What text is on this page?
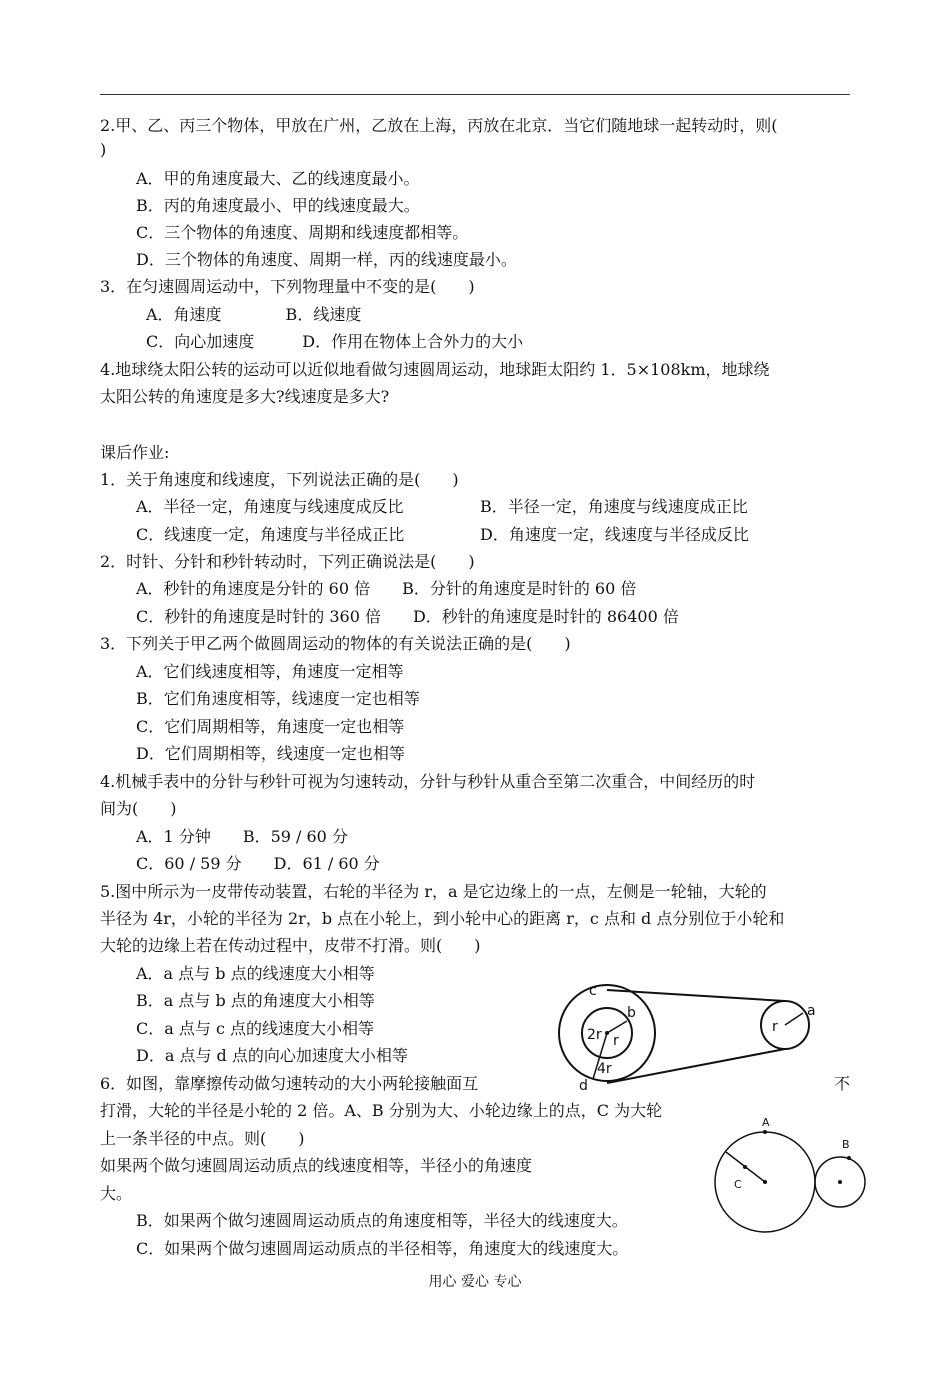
2.甲、乙、丙三个物体，甲放在广州，乙放在上海，丙放在北京．当它们随地球一起转动时，则(
)
A．甲的角速度最大、乙的线速度最小。
B．丙的角速度最小、甲的线速度最大。
C．三个物体的角速度、周期和线速度都相等。
D．三个物体的角速度、周期一样，丙的线速度最小。
3．在匀速圆周运动中，下列物理量中不变的是(　　)
A．角速度　　　　B．线速度
C．向心加速度　　　D．作用在物体上合外力的大小
4.地球绕太阳公转的运动可以近似地看做匀速圆周运动，地球距太阳约 1．5×108km，地球绕
太阳公转的角速度是多大?线速度是多大?
课后作业:
1．关于角速度和线速度，下列说法正确的是(　　)
A．半径一定，角速度与线速度成反比	B．半径一定，角速度与线速度成正比
C．线速度一定，角速度与半径成正比	D．角速度一定，线速度与半径成反比
2．时针、分针和秒针转动时，下列正确说法是(　　)
A．秒针的角速度是分针的 60 倍　　B．分针的角速度是时针的 60 倍
C．秒针的角速度是时针的 360 倍　　D．秒针的角速度是时针的 86400 倍
3．下列关于甲乙两个做圆周运动的物体的有关说法正确的是(　　)
A．它们线速度相等，角速度一定相等
B．它们角速度相等，线速度一定也相等
C．它们周期相等，角速度一定也相等
D．它们周期相等，线速度一定也相等
4.机械手表中的分针与秒针可视为匀速转动，分针与秒针从重合至第二次重合，中间经历的时
间为(　　)
A．1 分钟　　B．59 / 60 分
C．60 / 59 分　　D．61 / 60 分
5.图中所示为一皮带传动装置，右轮的半径为 r，a 是它边缘上的一点，左侧是一轮轴，大轮的
半径为 4r，小轮的半径为 2r，b 点在小轮上，到小轮中心的距离 r，c 点和 d 点分别位于小轮和
大轮的边缘上若在传动过程中，皮带不打滑。则(　　)
A．a 点与 b 点的线速度大小相等
B．a 点与 b 点的角速度大小相等
C．a 点与 c 点的线速度大小相等
D．a 点与 d 点的向心加速度大小相等
c
b
r
2r
4r
d
r
a
6．如图，靠摩擦传动做匀速转动的大小两轮接触面互	不
打滑，大轮的半径是小轮的 2 倍。A、B 分别为大、小轮边缘上的点，C 为大轮
上一条半径的中点。则(　　)
如果两个做匀速圆周运动质点的线速度相等，半径小的角速度
大。
B．如果两个做匀速圆周运动质点的角速度相等，半径大的线速度大。
C．如果两个做匀速圆周运动质点的半径相等，角速度大的线速度大。
A
B
C
用心 爱心 专心
